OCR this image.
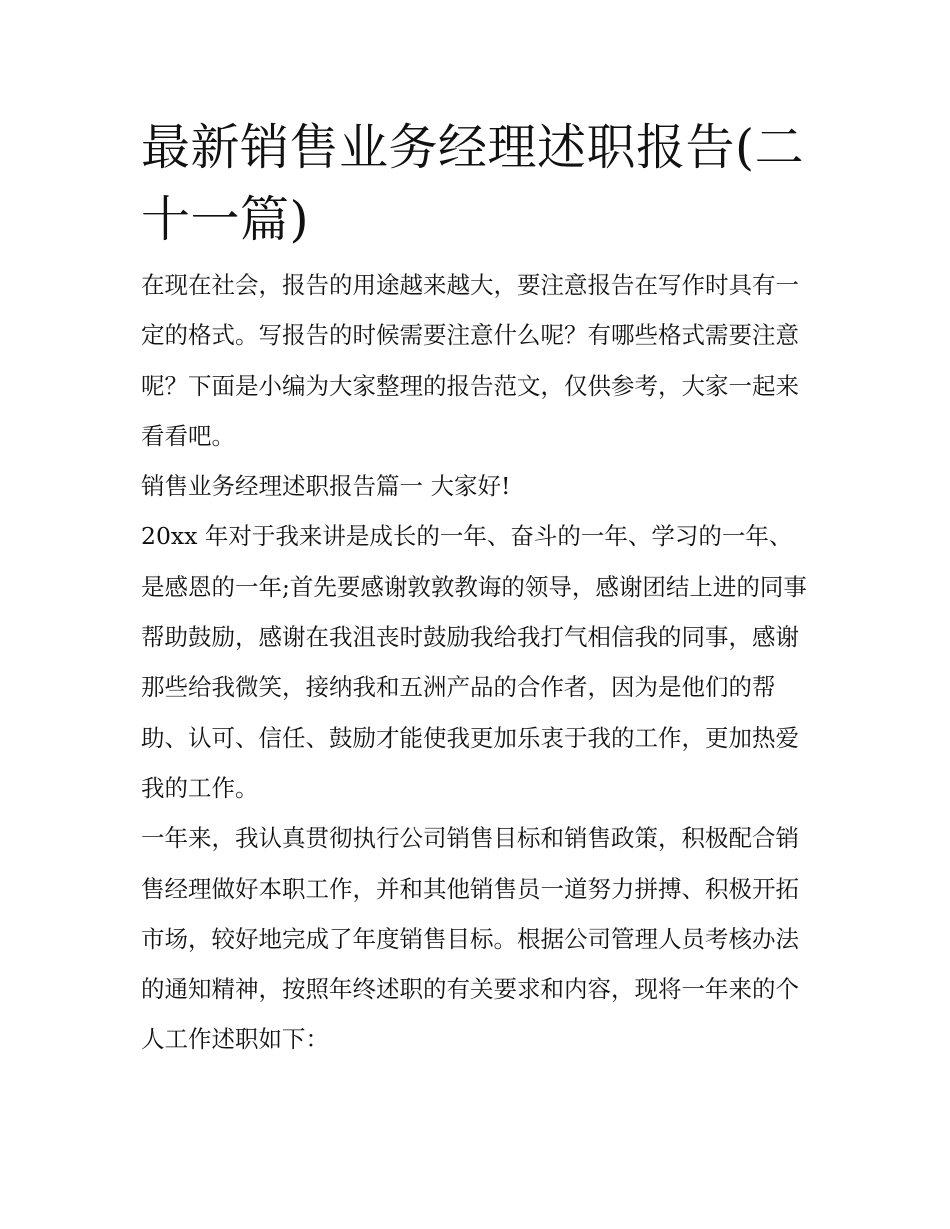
最新销售业务经理述职报告(二十一篇)

在现在社会，报告的用途越来越大，要注意报告在写作时具有一定的格式。写报告的时候需要注意什么呢？有哪些格式需要注意呢？下面是小编为大家整理的报告范文，仅供参考，大家一起来看看吧。

销售业务经理述职报告篇一 大家好!

20xx 年对于我来讲是成长的一年、奋斗的一年、学习的一年、是感恩的一年;首先要感谢敦敦教诲的领导，感谢团结上进的同事帮助鼓励，感谢在我沮丧时鼓励我给我打气相信我的同事，感谢那些给我微笑，接纳我和五洲产品的合作者，因为是他们的帮助、认可、信任、鼓励才能使我更加乐衷于我的工作，更加热爱我的工作。

一年来，我认真贯彻执行公司销售目标和销售政策，积极配合销售经理做好本职工作，并和其他销售员一道努力拼搏、积极开拓市场，较好地完成了年度销售目标。根据公司管理人员考核办法的通知精神，按照年终述职的有关要求和内容，现将一年来的个人工作述职如下：
